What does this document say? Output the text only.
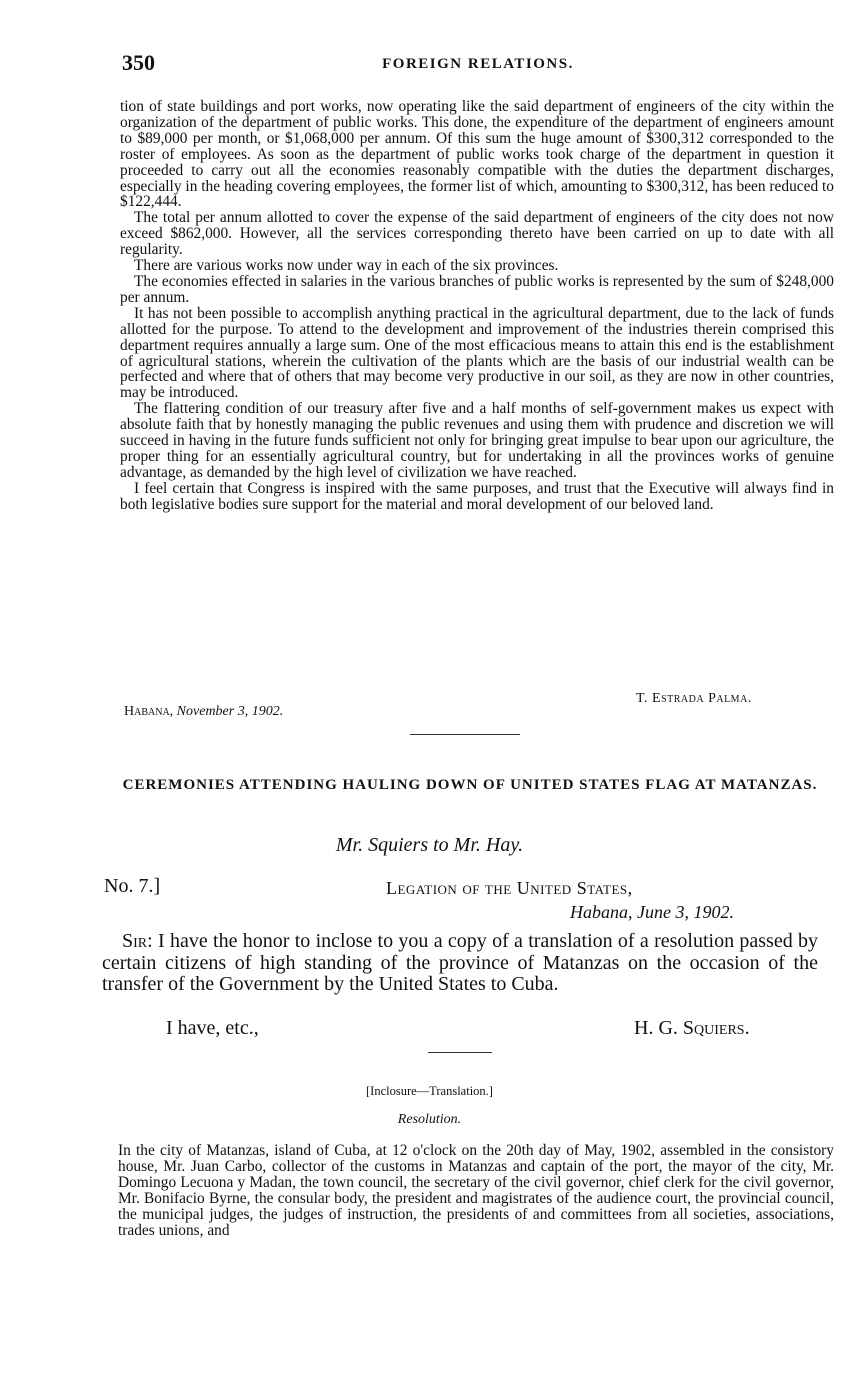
350	FOREIGN RELATIONS.

tion of state buildings and port works, now operating like the said department of engineers of the city within the organization of the department of public works. This done, the expenditure of the department of engineers amount to $89,000 per month, or $1,068,000 per annum. Of this sum the huge amount of $300,312 corresponded to the roster of employees. As soon as the department of public works took charge of the department in question it proceeded to carry out all the economies reasonably compatible with the duties the department discharges, especially in the heading covering employees, the former list of which, amounting to $300,312, has been reduced to $122,444.

The total per annum allotted to cover the expense of the said department of engineers of the city does not now exceed $862,000. However, all the services corresponding thereto have been carried on up to date with all regularity.

There are various works now under way in each of the six provinces.

The economies effected in salaries in the various branches of public works is represented by the sum of $248,000 per annum.

It has not been possible to accomplish anything practical in the agricultural department, due to the lack of funds allotted for the purpose. To attend to the development and improvement of the industries therein comprised this department requires annually a large sum. One of the most efficacious means to attain this end is the establishment of agricultural stations, wherein the cultivation of the plants which are the basis of our industrial wealth can be perfected and where that of others that may become very productive in our soil, as they are now in other countries, may be introduced.

The flattering condition of our treasury after five and a half months of self-government makes us expect with absolute faith that by honestly managing the public revenues and using them with prudence and discretion we will succeed in having in the future funds sufficient not only for bringing great impulse to bear upon our agriculture, the proper thing for an essentially agricultural country, but for undertaking in all the provinces works of genuine advantage, as demanded by the high level of civilization we have reached.

I feel certain that Congress is inspired with the same purposes, and trust that the Executive will always find in both legislative bodies sure support for the material and moral development of our beloved land.

T. Estrada Palma.
Habana, November 3, 1902.
CEREMONIES ATTENDING HAULING DOWN OF UNITED STATES FLAG AT MATANZAS.
Mr. Squiers to Mr. Hay.
No. 7.]	Legation of the United States,
Habana, June 3, 1902.

Sir: I have the honor to inclose to you a copy of a translation of a resolution passed by certain citizens of high standing of the province of Matanzas on the occasion of the transfer of the Government by the United States to Cuba.

I have, etc.,	H. G. Squiers.
[Inclosure—Translation.]
Resolution.

In the city of Matanzas, island of Cuba, at 12 o'clock on the 20th day of May, 1902, assembled in the consistory house, Mr. Juan Carbo, collector of the customs in Matanzas and captain of the port, the mayor of the city, Mr. Domingo Lecuona y Madan, the town council, the secretary of the civil governor, chief clerk for the civil governor, Mr. Bonifacio Byrne, the consular body, the president and magistrates of the audience court, the provincial council, the municipal judges, the judges of instruction, the presidents of and committees from all societies, associations, trades unions, and
